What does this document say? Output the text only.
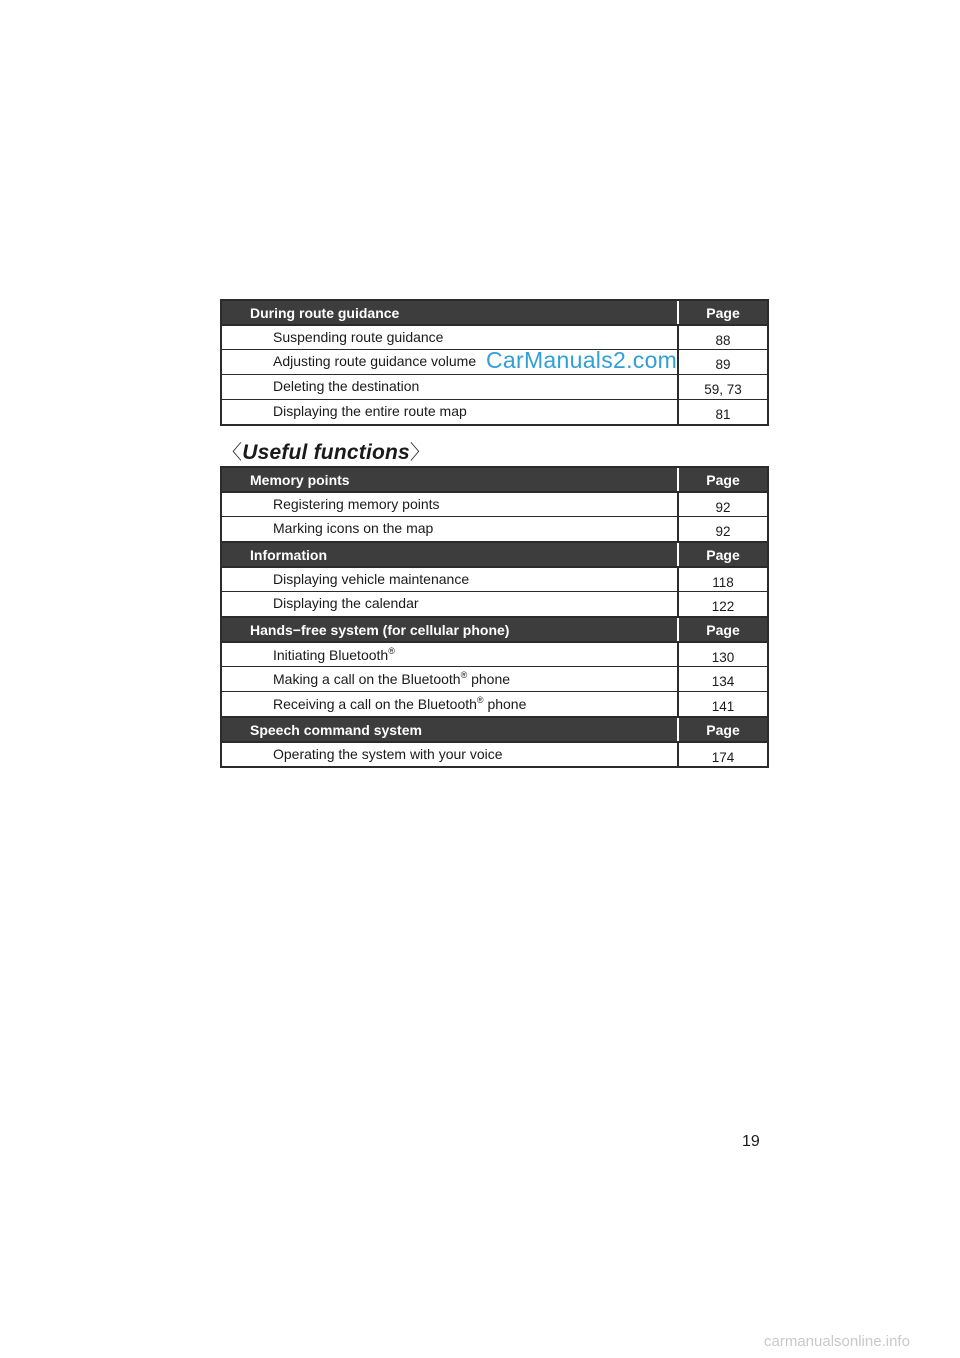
During route guidance	Page
Suspending route guidance	88
Adjusting route guidance volume	89
Deleting the destination	59, 73
Displaying the entire route map	81
CarManuals2.com
〈Useful functions〉
Memory points	Page
Registering memory points	92
Marking icons on the map	92
Information	Page
Displaying vehicle maintenance	118
Displaying the calendar	122
Hands−free system (for cellular phone)	Page
Initiating Bluetooth®	130
Making a call on the Bluetooth® phone	134
Receiving a call on the Bluetooth® phone	141
Speech command system	Page
Operating the system with your voice	174
19
carmanualsonline.info
